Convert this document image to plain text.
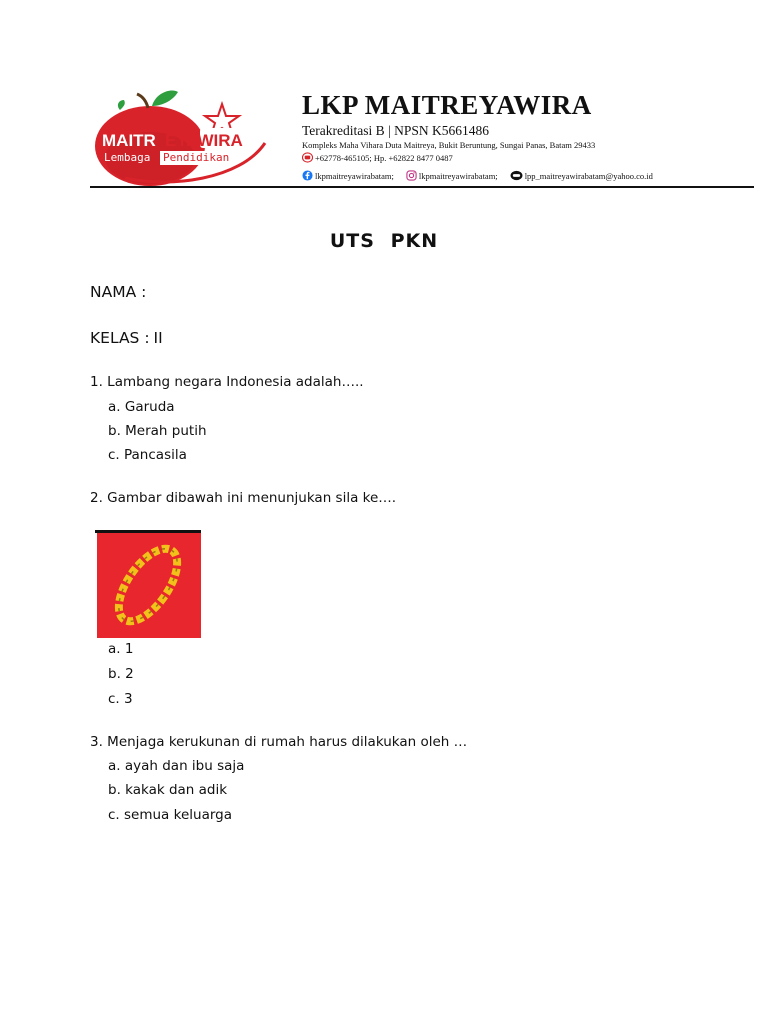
MAITR EYAWIRA
Lembaga Pendidikan
LKP MAITREYAWIRA
Terakreditasi B | NPSN K5661486
Kompleks Maha Vihara Duta Maitreya, Bukit Beruntung, Sungai Panas, Batam 29433
+62778-465105; Hp. +62822 8477 0487
lkpmaitreyawirabatam;	lkpmaitreyawirabatam;	lpp_maitreyawirabatam@yahoo.co.id
UTS PKN
NAMA :
KELAS : II
1. Lambang negara Indonesia adalah…..
a. Garuda
b. Merah putih
c. Pancasila
2. Gambar dibawah ini menunjukan sila ke….
a. 1
b. 2
c. 3
3. Menjaga kerukunan di rumah harus dilakukan oleh …
a. ayah dan ibu saja
b. kakak dan adik
c. semua keluarga
